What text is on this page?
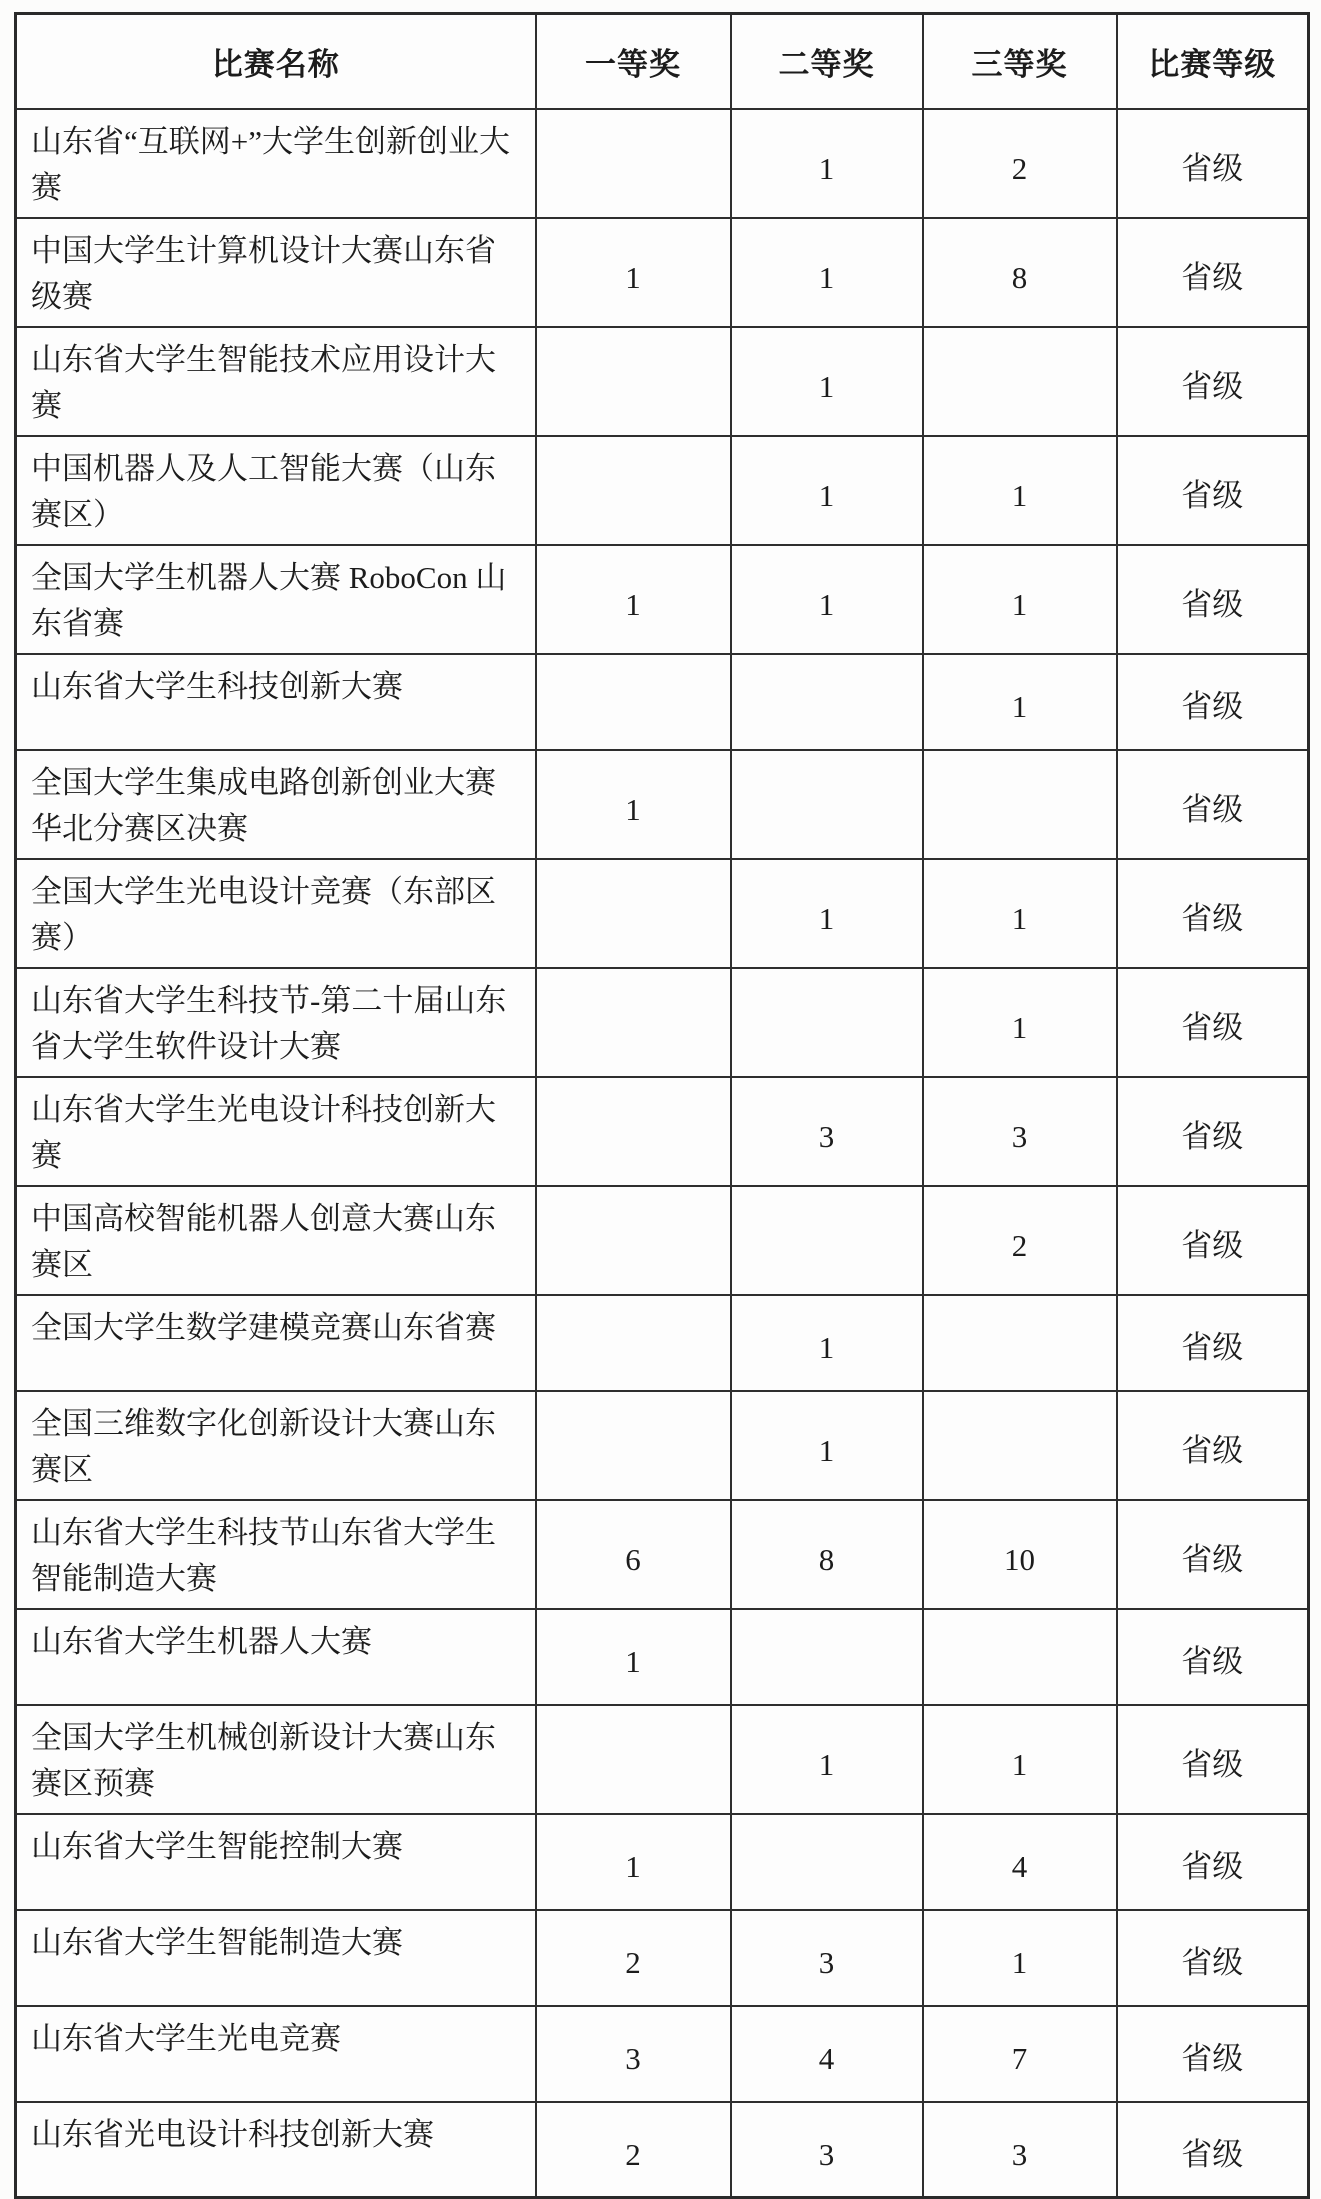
比赛名称	一等奖	二等奖	三等奖	比赛等级
山东省“互联网+”大学生创新创业大赛		1	2	省级
中国大学生计算机设计大赛山东省级赛	1	1	8	省级
山东省大学生智能技术应用设计大赛		1		省级
中国机器人及人工智能大赛（山东赛区）		1	1	省级
全国大学生机器人大赛 RoboCon 山东省赛	1	1	1	省级
山东省大学生科技创新大赛			1	省级
全国大学生集成电路创新创业大赛华北分赛区决赛	1			省级
全国大学生光电设计竞赛（东部区赛）		1	1	省级
山东省大学生科技节-第二十届山东省大学生软件设计大赛			1	省级
山东省大学生光电设计科技创新大赛		3	3	省级
中国高校智能机器人创意大赛山东赛区			2	省级
全国大学生数学建模竞赛山东省赛		1		省级
全国三维数字化创新设计大赛山东赛区		1		省级
山东省大学生科技节山东省大学生智能制造大赛	6	8	10	省级
山东省大学生机器人大赛	1			省级
全国大学生机械创新设计大赛山东赛区预赛		1	1	省级
山东省大学生智能控制大赛	1		4	省级
山东省大学生智能制造大赛	2	3	1	省级
山东省大学生光电竞赛	3	4	7	省级
山东省光电设计科技创新大赛	2	3	3	省级
